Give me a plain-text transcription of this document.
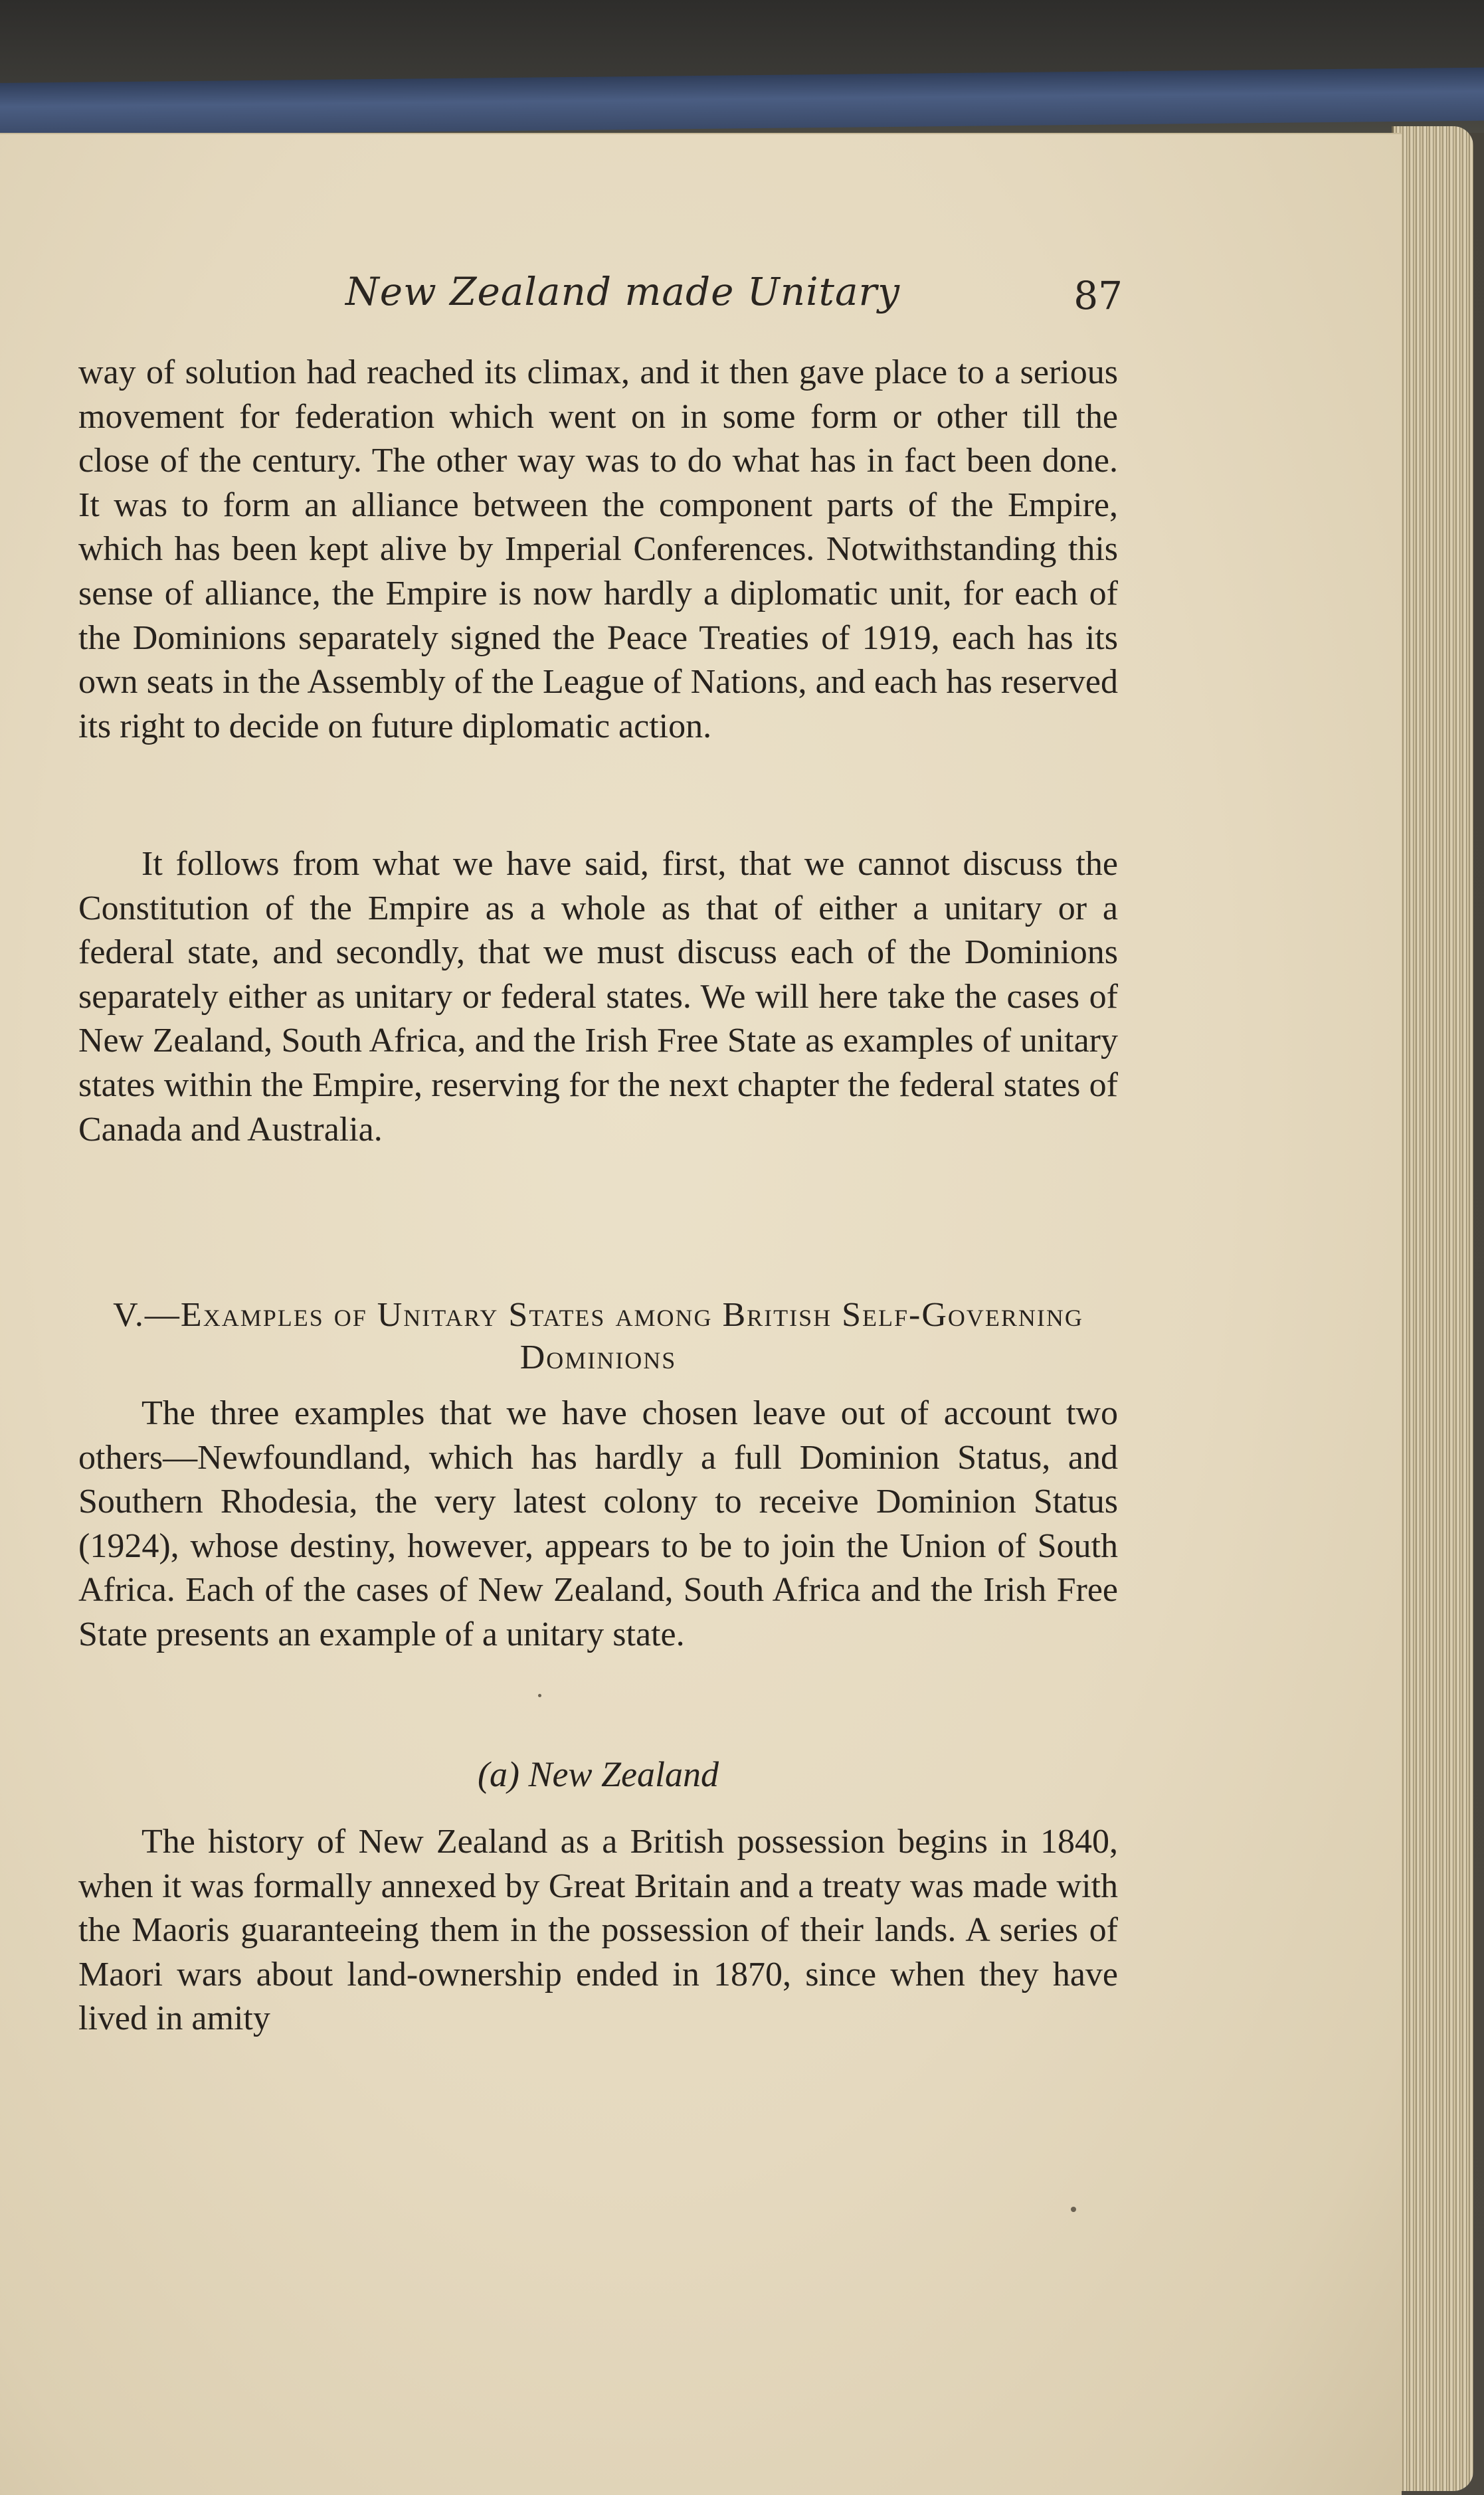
New Zealand made Unitary	87

way of solution had reached its climax, and it then gave place to a serious movement for federation which went on in some form or other till the close of the century. The other way was to do what has in fact been done. It was to form an alliance between the component parts of the Empire, which has been kept alive by Imperial Conferences. Notwithstanding this sense of alliance, the Empire is now hardly a diplomatic unit, for each of the Dominions separately signed the Peace Treaties of 1919, each has its own seats in the Assembly of the League of Nations, and each has reserved its right to decide on future diplomatic action.

It follows from what we have said, first, that we cannot discuss the Constitution of the Empire as a whole as that of either a unitary or a federal state, and secondly, that we must discuss each of the Dominions separately either as unitary or federal states. We will here take the cases of New Zealand, South Africa, and the Irish Free State as examples of unitary states within the Empire, reserving for the next chapter the federal states of Canada and Australia.

V.—Examples of Unitary States among British Self-Governing Dominions

The three examples that we have chosen leave out of account two others—Newfoundland, which has hardly a full Dominion Status, and Southern Rhodesia, the very latest colony to receive Dominion Status (1924), whose destiny, however, appears to be to join the Union of South Africa. Each of the cases of New Zealand, South Africa and the Irish Free State presents an example of a unitary state.

(a) New Zealand

The history of New Zealand as a British possession begins in 1840, when it was formally annexed by Great Britain and a treaty was made with the Maoris guaranteeing them in the possession of their lands. A series of Maori wars about land-ownership ended in 1870, since when they have lived in amity
